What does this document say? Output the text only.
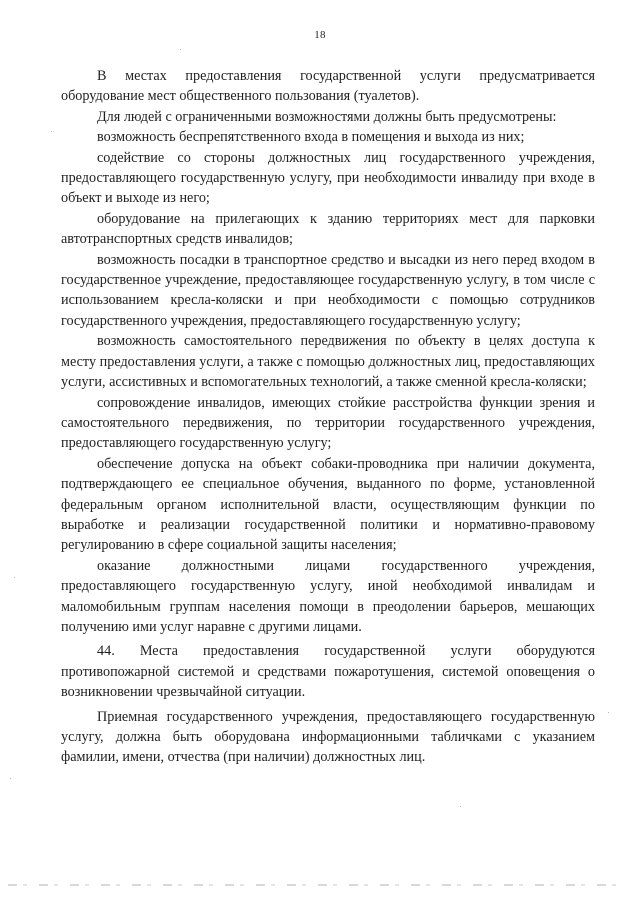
18

В местах предоставления государственной услуги предусматривается оборудование мест общественного пользования (туалетов).

Для людей с ограниченными возможностями должны быть предусмотрены:

возможность беспрепятственного входа в помещения и выхода из них;

содействие со стороны должностных лиц государственного учреждения, предоставляющего государственную услугу, при необходимости инвалиду при входе в объект и выходе из него;

оборудование на прилегающих к зданию территориях мест для парковки автотранспортных средств инвалидов;

возможность посадки в транспортное средство и высадки из него перед входом в государственное учреждение, предоставляющее государственную услугу, в том числе с использованием кресла-коляски и при необходимости с помощью сотрудников государственного учреждения, предоставляющего государственную услугу;

возможность самостоятельного передвижения по объекту в целях доступа к месту предоставления услуги, а также с помощью должностных лиц, предоставляющих услуги, ассистивных и вспомогательных технологий, а также сменной кресла-коляски;

сопровождение инвалидов, имеющих стойкие расстройства функции зрения и самостоятельного передвижения, по территории государственного учреждения, предоставляющего государственную услугу;

обеспечение допуска на объект собаки-проводника при наличии документа, подтверждающего ее специальное обучения, выданного по форме, установленной федеральным органом исполнительной власти, осуществляющим функции по выработке и реализации государственной политики и нормативно-правовому регулированию в сфере социальной защиты населения;

оказание должностными лицами государственного учреждения, предоставляющего государственную услугу, иной необходимой инвалидам и маломобильным группам населения помощи в преодолении барьеров, мешающих получению ими услуг наравне с другими лицами.

44. Места предоставления государственной услуги оборудуются противопожарной системой и средствами пожаротушения, системой оповещения о возникновении чрезвычайной ситуации.

Приемная государственного учреждения, предоставляющего государственную услугу, должна быть оборудована информационными табличками с указанием фамилии, имени, отчества (при наличии) должностных лиц.
